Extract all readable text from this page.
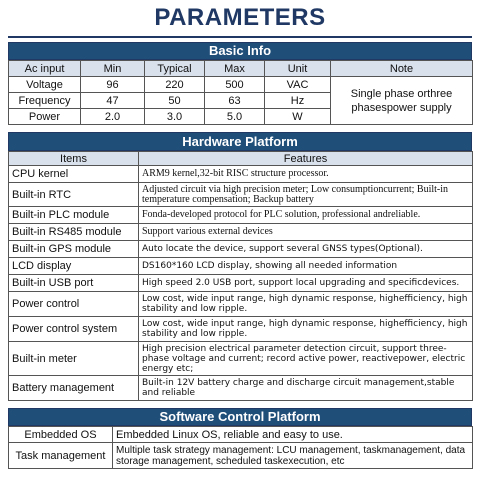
PARAMETERS
Basic Info
Ac input	Min	Typical	Max	Unit	Note
Voltage	96	220	500	VAC	Single phase orthree phasespower supply
Frequency	47	50	63	Hz	
Power	2.0	3.0	5.0	W	
Hardware Platform
Items	Features
CPU kernel	ARM9 kernel,32-bit RISC structure processor.
Built-in RTC	Adjusted circuit via high precision meter; Low consumptioncurrent; Built-in temperature compensation; Backup battery
Built-in PLC module	Fonda-developed protocol for PLC solution, professional andreliable.
Built-in RS485 module	Support various external devices
Built-in GPS module	Auto locate the device, support several GNSS types(Optional).
LCD display	DS160*160 LCD display, showing all needed information
Built-in USB port	High speed 2.0 USB port, support local upgrading and specificdevices.
Power control	Low cost, wide input range, high dynamic response, highefficiency, high stability and low ripple.
Power control system	Low cost, wide input range, high dynamic response, highefficiency, high stability and low ripple.
Built-in meter	High precision electrical parameter detection circuit, support three-phase voltage and current; record active power, reactivepower, electric energy etc;
Battery management	Built-in 12V battery charge and discharge circuit management,stable and reliable
Software Control Platform
Embedded OS	Embedded Linux OS, reliable and easy to use.
Task management	Multiple task strategy management: LCU management, taskmanagement, data storage management, scheduled taskexecution, etc
